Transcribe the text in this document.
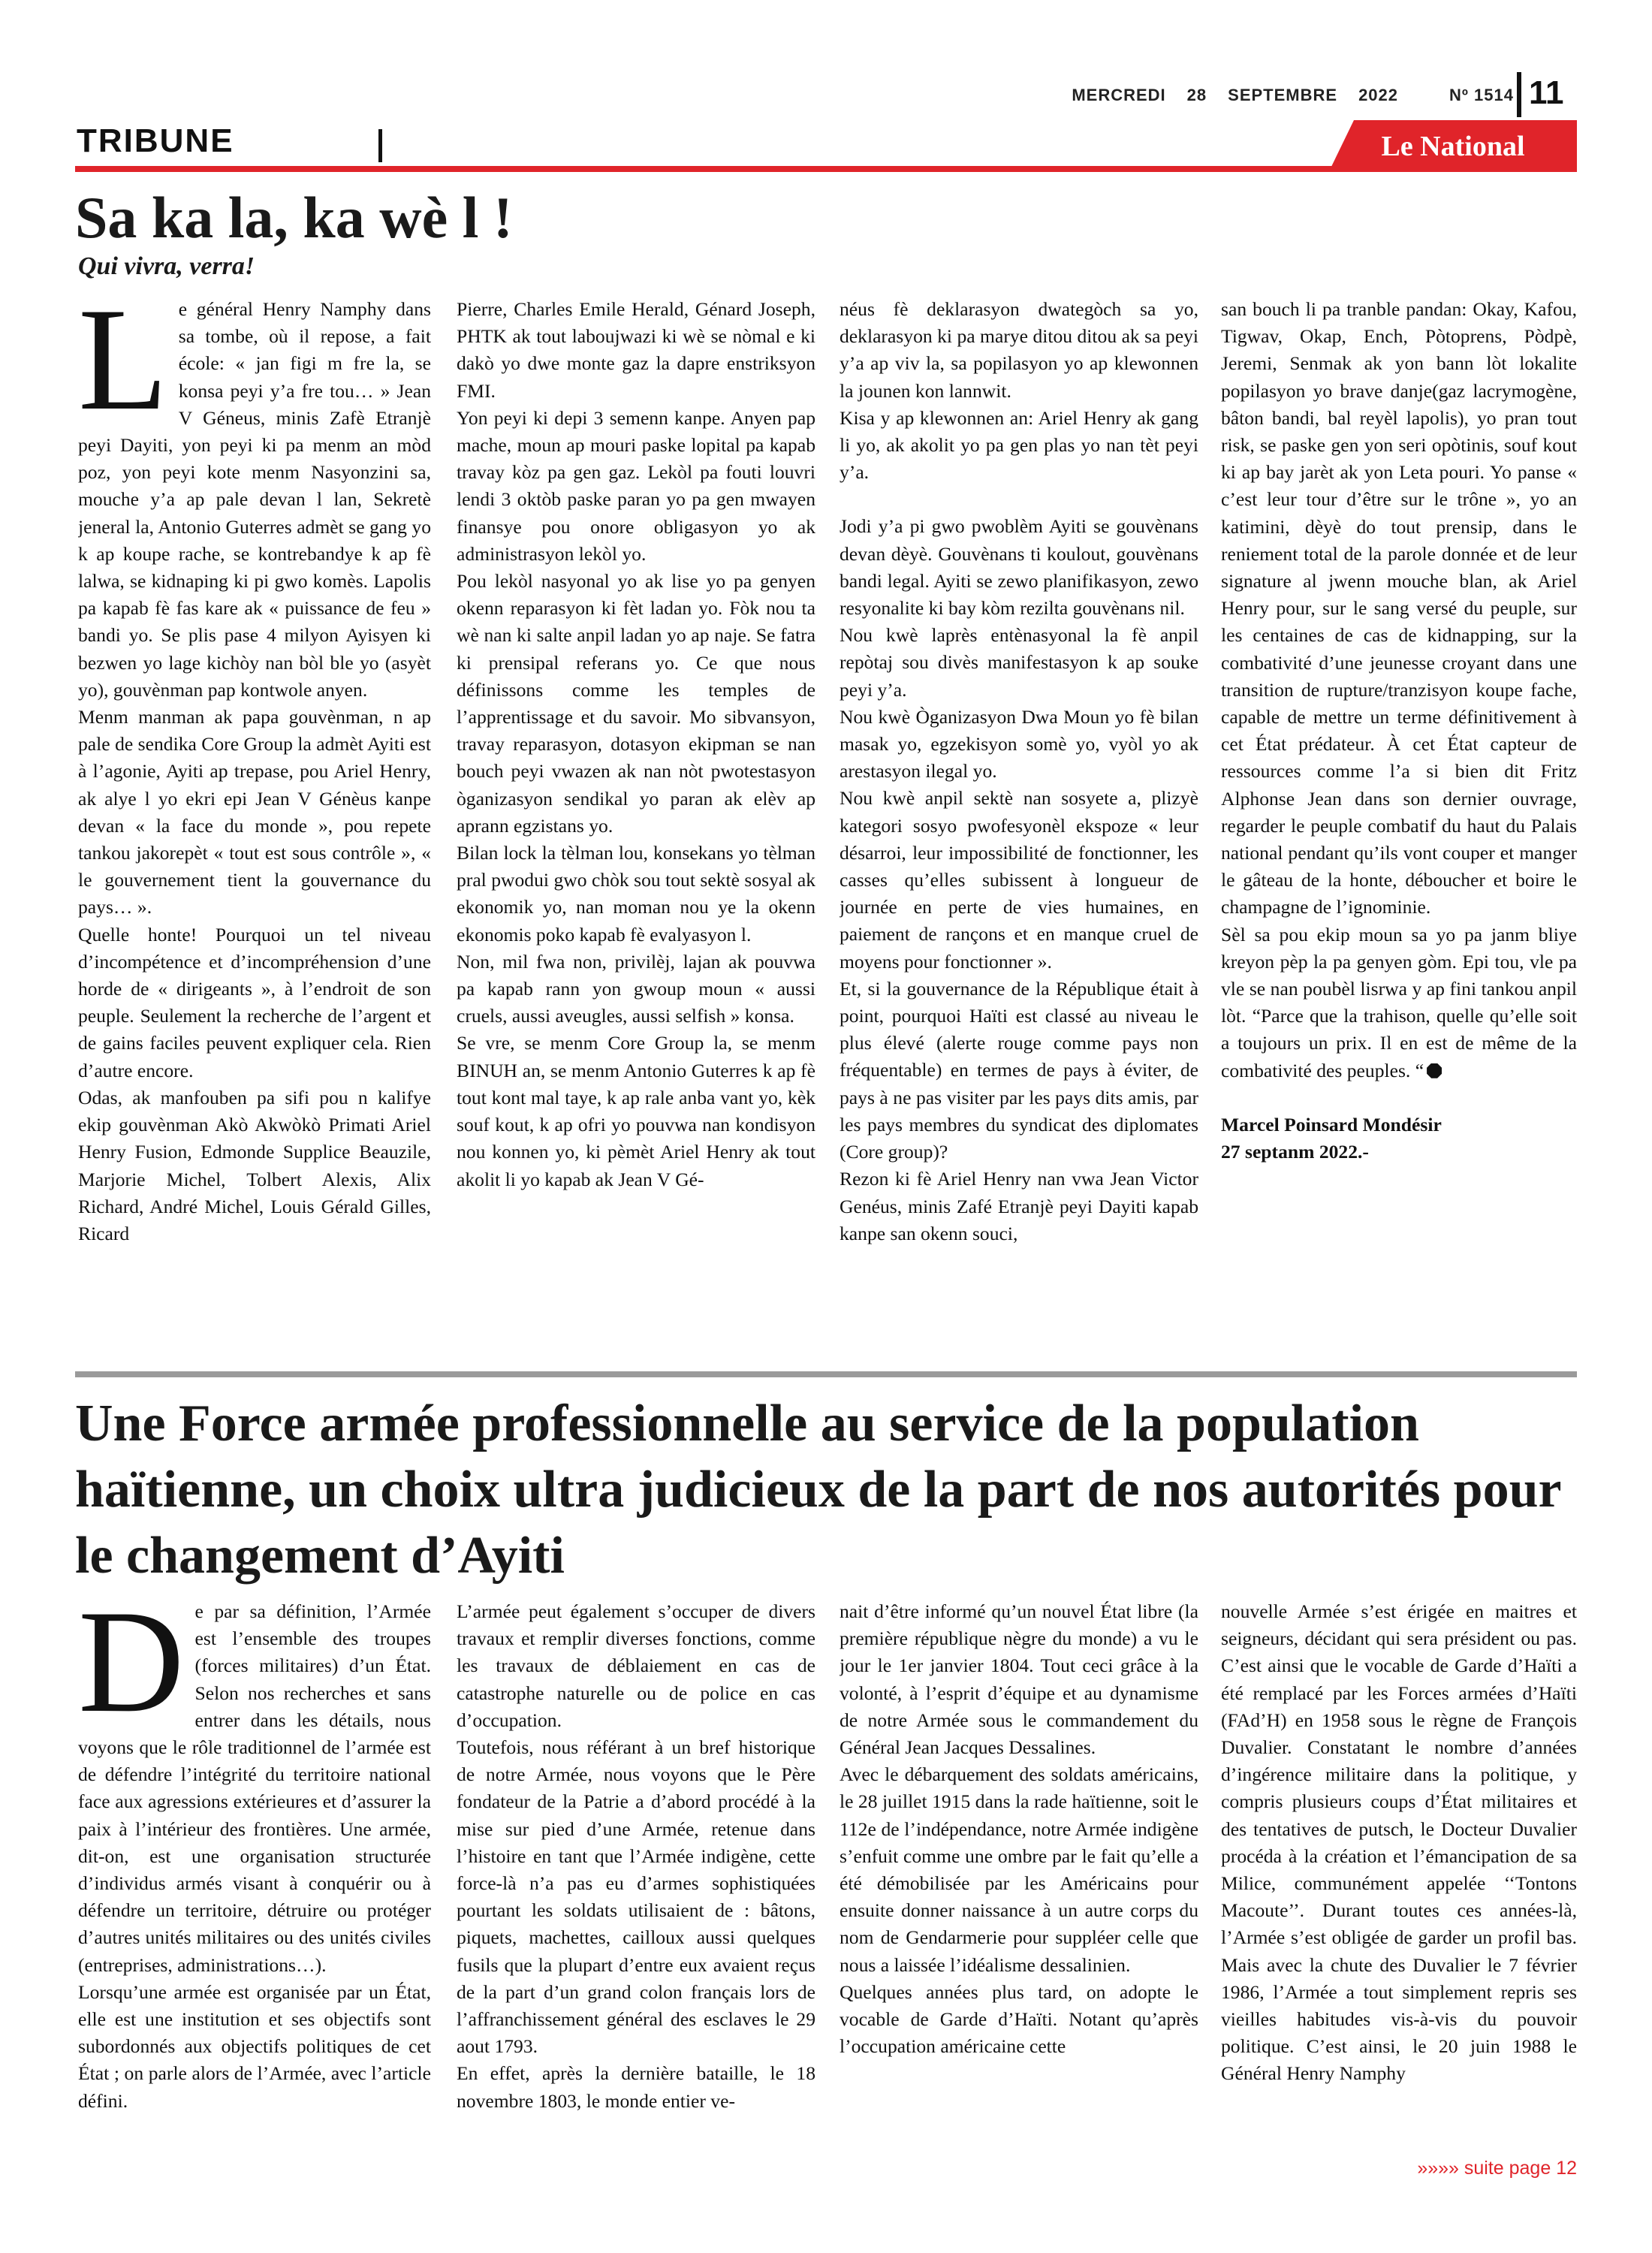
MERCREDI 28 SEPTEMBRE 2022	Nº 1514 11
TRIBUNE	Le National
Sa ka la, ka wè l !
Qui vivra, verra!
L e général Henry Namphy dans sa tombe, où il repose, a fait école: « jan figi m fre la, se konsa peyi y’a fre tou… » Jean V Géneus, minis Zafè Etranjè peyi Dayiti, yon peyi ki pa menm an mòd poz, yon peyi kote menm Nasyonzini sa, mouche y’a ap pale devan l lan, Sekretè jeneral la, Antonio Guterres admèt se gang yo k ap koupe rache, se kontrebandye k ap fè lalwa, se kidnaping ki pi gwo komès. Lapolis pa kapab fè fas kare ak « puissance de feu » bandi yo. Se plis pase 4 milyon Ayisyen ki bezwen yo lage kichòy nan bòl ble yo (asyèt yo), gouvènman pap kontwole anyen.

Menm manman ak papa gouvènman, n ap pale de sendika Core Group la admèt Ayiti est à l’agonie, Ayiti ap trepase, pou Ariel Henry, ak alye l yo ekri epi Jean V Génèus kanpe devan « la face du monde », pou repete tankou jakorepèt « tout est sous contrôle », « le gouvernement tient la gouvernance du pays… ».

Quelle honte! Pourquoi un tel niveau d’incompétence et d’incompréhension d’une horde de « dirigeants », à l’endroit de son peuple. Seulement la recherche de l’argent et de gains faciles peuvent expliquer cela. Rien d’autre encore.

Odas, ak manfouben pa sifi pou n kalifye ekip gouvènman Akò Akwòkò Primati Ariel Henry Fusion, Edmonde Supplice Beauzile, Marjorie Michel, Tolbert Alexis, Alix Richard, André Michel, Louis Gérald Gilles, Ricard

Pierre, Charles Emile Herald, Génard Joseph, PHTK ak tout laboujwazi ki wè se nòmal e ki dakò yo dwe monte gaz la dapre enstriksyon FMI.

Yon peyi ki depi 3 semenn kanpe. Anyen pap mache, moun ap mouri paske lopital pa kapab travay kòz pa gen gaz. Lekòl pa fouti louvri lendi 3 oktòb paske paran yo pa gen mwayen finansye pou onore obligasyon yo ak administrasyon lekòl yo.

Pou lekòl nasyonal yo ak lise yo pa genyen okenn reparasyon ki fèt ladan yo. Fòk nou ta wè nan ki salte anpil ladan yo ap naje. Se fatra ki prensipal referans yo. Ce que nous définissons comme les temples de l’apprentissage et du savoir. Mo sibvansyon, travay reparasyon, dotasyon ekipman se nan bouch peyi vwazen ak nan nòt pwotestasyon òganizasyon sendikal yo paran ak elèv ap aprann egzistans yo.

Bilan lock la tèlman lou, konsekans yo tèlman pral pwodui gwo chòk sou tout sektè sosyal ak ekonomik yo, nan moman nou ye la okenn ekonomis poko kapab fè evalyasyon l.

Non, mil fwa non, privilèj, lajan ak pouvwa pa kapab rann yon gwoup moun « aussi cruels, aussi aveugles, aussi selfish » konsa.

Se vre, se menm Core Group la, se menm BINUH an, se menm Antonio Guterres k ap fè tout kont mal taye, k ap rale anba vant yo, kèk souf kout, k ap ofri yo pouvwa nan kondisyon nou konnen yo, ki pèmèt Ariel Henry ak tout akolit li yo kapab ak Jean V Gé-

néus fè deklarasyon dwategòch sa yo, deklarasyon ki pa marye ditou ditou ak sa peyi y’a ap viv la, sa popilasyon yo ap klewonnen la jounen kon lannwit.

Kisa y ap klewonnen an: Ariel Henry ak gang li yo, ak akolit yo pa gen plas yo nan tèt peyi y’a.

Jodi y’a pi gwo pwoblèm Ayiti se gouvènans devan dèyè. Gouvènans ti koulout, gouvènans bandi legal. Ayiti se zewo planifikasyon, zewo resyonalite ki bay kòm rezilta gouvènans nil.

Nou kwè laprès entènasyonal la fè anpil repòtaj sou divès manifestasyon k ap souke peyi y’a.

Nou kwè Òganizasyon Dwa Moun yo fè bilan masak yo, egzekisyon somè yo, vyòl yo ak arestasyon ilegal yo.

Nou kwè anpil sektè nan sosyete a, plizyè kategori sosyo pwofesyonèl ekspoze « leur désarroi, leur impossibilité de fonctionner, les casses qu’elles subissent à longueur de journée en perte de vies humaines, en paiement de rançons et en manque cruel de moyens pour fonctionner ».

Et, si la gouvernance de la République était à point, pourquoi Haïti est classé au niveau le plus élevé (alerte rouge comme pays non fréquentable) en termes de pays à éviter, de pays à ne pas visiter par les pays dits amis, par les pays membres du syndicat des diplomates (Core group)?

Rezon ki fè Ariel Henry nan vwa Jean Victor Genéus, minis Zafé Etranjè peyi Dayiti kapab kanpe san okenn souci,

san bouch li pa tranble pandan: Okay, Kafou, Tigwav, Okap, Ench, Pòtoprens, Pòdpè, Jeremi, Senmak ak yon bann lòt lokalite popilasyon yo brave danje(gaz lacrymogène, bâton bandi, bal reyèl lapolis), yo pran tout risk, se paske gen yon seri opòtinis, souf kout ki ap bay jarèt ak yon Leta pouri. Yo panse « c’est leur tour d’être sur le trône », yo an katimini, dèyè do tout prensip, dans le reniement total de la parole donnée et de leur signature al jwenn mouche blan, ak Ariel Henry pour, sur le sang versé du peuple, sur les centaines de cas de kidnapping, sur la combativité d’une jeunesse croyant dans une transition de rupture/tranzisyon koupe fache, capable de mettre un terme définitivement à cet État prédateur. À cet État capteur de ressources comme l’a si bien dit Fritz Alphonse Jean dans son dernier ouvrage, regarder le peuple combatif du haut du Palais national pendant qu’ils vont couper et manger le gâteau de la honte, déboucher et boire le champagne de l’ignominie.

Sèl sa pou ekip moun sa yo pa janm bliye kreyon pèp la pa genyen gòm. Epi tou, vle pa vle se nan poubèl lisrwa y ap fini tankou anpil lòt. “Parce que la trahison, quelle qu’elle soit a toujours un prix. Il en est de même de la combativité des peuples. “

Marcel Poinsard Mondésir

27 septanm 2022.-

Une Force armée professionnelle au service de la population haïtienne, un choix ultra judicieux de la part de nos autorités pour le changement d’Ayiti
D e par sa définition, l’Armée est l’ensemble des troupes (forces militaires) d’un État. Selon nos recherches et sans entrer dans les détails, nous voyons que le rôle traditionnel de l’armée est de défendre l’intégrité du territoire national face aux agressions extérieures et d’assurer la paix à l’intérieur des frontières. Une armée, dit-on, est une organisation structurée d’individus armés visant à conquérir ou à défendre un territoire, détruire ou protéger d’autres unités militaires ou des unités civiles (entreprises, administrations…).

Lorsqu’une armée est organisée par un État, elle est une institution et ses objectifs sont subordonnés aux objectifs politiques de cet État ; on parle alors de l’Armée, avec l’article défini.

L’armée peut également s’occuper de divers travaux et remplir diverses fonctions, comme les travaux de déblaiement en cas de catastrophe naturelle ou de police en cas d’occupation.

Toutefois, nous référant à un bref historique de notre Armée, nous voyons que le Père fondateur de la Patrie a d’abord procédé à la mise sur pied d’une Armée, retenue dans l’histoire en tant que l’Armée indigène, cette force-là n’a pas eu d’armes sophistiquées pourtant les soldats utilisaient de : bâtons, piquets, machettes, cailloux aussi quelques fusils que la plupart d’entre eux avaient reçus de la part d’un grand colon français lors de l’affranchissement général des esclaves le 29 aout 1793.

En effet, après la dernière bataille, le 18 novembre 1803, le monde entier ve-

nait d’être informé qu’un nouvel État libre (la première république nègre du monde) a vu le jour le 1er janvier 1804. Tout ceci grâce à la volonté, à l’esprit d’équipe et au dynamisme de notre Armée sous le commandement du Général Jean Jacques Dessalines.

Avec le débarquement des soldats américains, le 28 juillet 1915 dans la rade haïtienne, soit le 112e de l’indépendance, notre Armée indigène s’enfuit comme une ombre par le fait qu’elle a été démobilisée par les Américains pour ensuite donner naissance à un autre corps du nom de Gendarmerie pour suppléer celle que nous a laissée l’idéalisme dessalinien.

Quelques années plus tard, on adopte le vocable de Garde d’Haïti. Notant qu’après l’occupation américaine cette

nouvelle Armée s’est érigée en maitres et seigneurs, décidant qui sera président ou pas. C’est ainsi que le vocable de Garde d’Haïti a été remplacé par les Forces armées d’Haïti (FAd’H) en 1958 sous le règne de François Duvalier. Constatant le nombre d’années d’ingérence militaire dans la politique, y compris plusieurs coups d’État militaires et des tentatives de putsch, le Docteur Duvalier procéda à la création et l’émancipation de sa Milice, communément appelée ‘‘Tontons Macoute’’. Durant toutes ces années-là, l’Armée s’est obligée de garder un profil bas. Mais avec la chute des Duvalier le 7 février 1986, l’Armée a tout simplement repris ses vieilles habitudes vis-à-vis du pouvoir politique. C’est ainsi, le 20 juin 1988 le Général Henry Namphy

»»»» suite page 12
